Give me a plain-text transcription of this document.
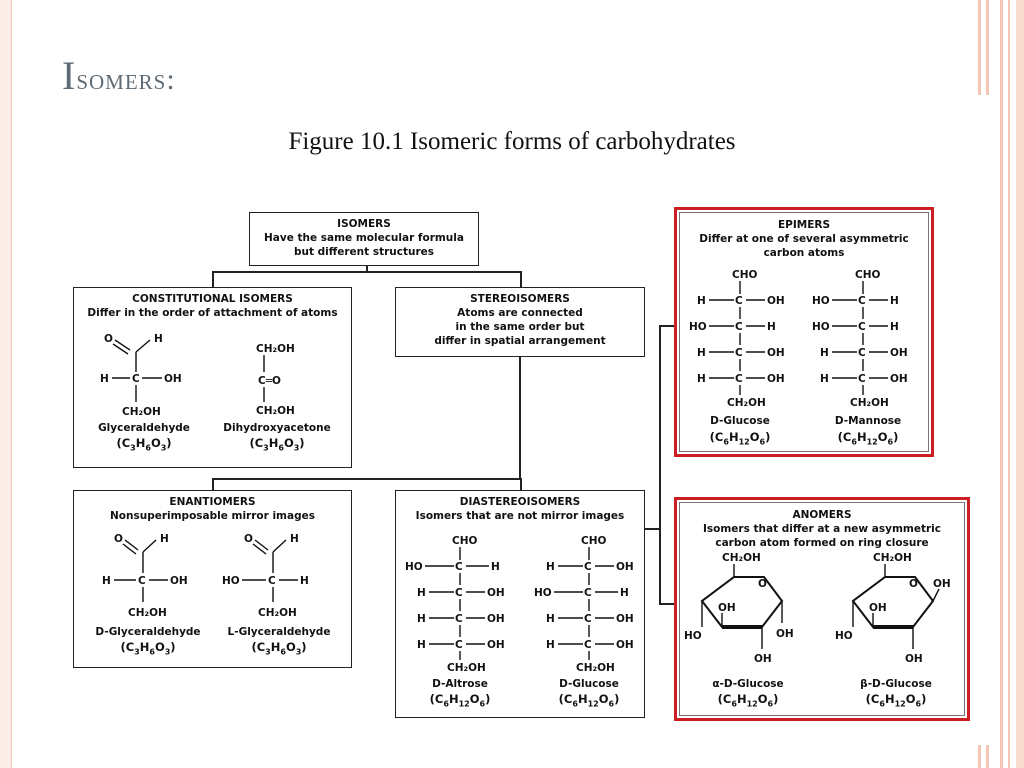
Isomers:
Figure 10.1 Isomeric forms of carbohydrates
ISOMERS
Have the same molecular formula
but different structures
CONSTITUTIONAL ISOMERS
Differ in the order of attachment of atoms
O	H
H C OH
CH₂OH
CH₂OH
C═O
CH₂OH
Glyceraldehyde
$(C_3H_6O_3)$
Dihydroxyacetone
$(C_3H_6O_3)$
STEREOISOMERS
Atoms are connected
in the same order but
differ in spatial arrangement
ENANTIOMERS
Nonsuperimposable mirror images
O	H
H	C OH
CH₂OH
O	H
HO	C H
CH₂OH
D-Glyceraldehyde
$(C_3H_6O_3)$
L-Glyceraldehyde
$(C_3H_6O_3)$
DIASTEREOISOMERS
Isomers that are not mirror images
CHO
HO	C	H
H	C OH
H	C OH
H	C OH
CH₂OH
CHO
H	C OH
HO	C	H
H	C OH
H	C OH
CH₂OH
D-Altrose
$(C_6H_{12}O_6)$
D-Glucose
$(C_6H_{12}O_6)$
EPIMERS
Differ at one of several asymmetric
carbon atoms
CHO
H	C OH
HO	C H
H	C OH
H	C OH
CH₂OH
CHO
HO	C H
HO	C H
H	C OH
H	C OH
CH₂OH
D-Glucose
$(C_6H_{12}O_6)$
D-Mannose
$(C_6H_{12}O_6)$
ANOMERS
Isomers that differ at a new asymmetric
carbon atom formed on ring closure
CH₂OH
O
OH
HO
OH
OH
CH₂OH
O OH
HO
OH
OH
α-D-Glucose
$(C_6H_{12}O_6)$
β-D-Glucose
$(C_6H_{12}O_6)$
